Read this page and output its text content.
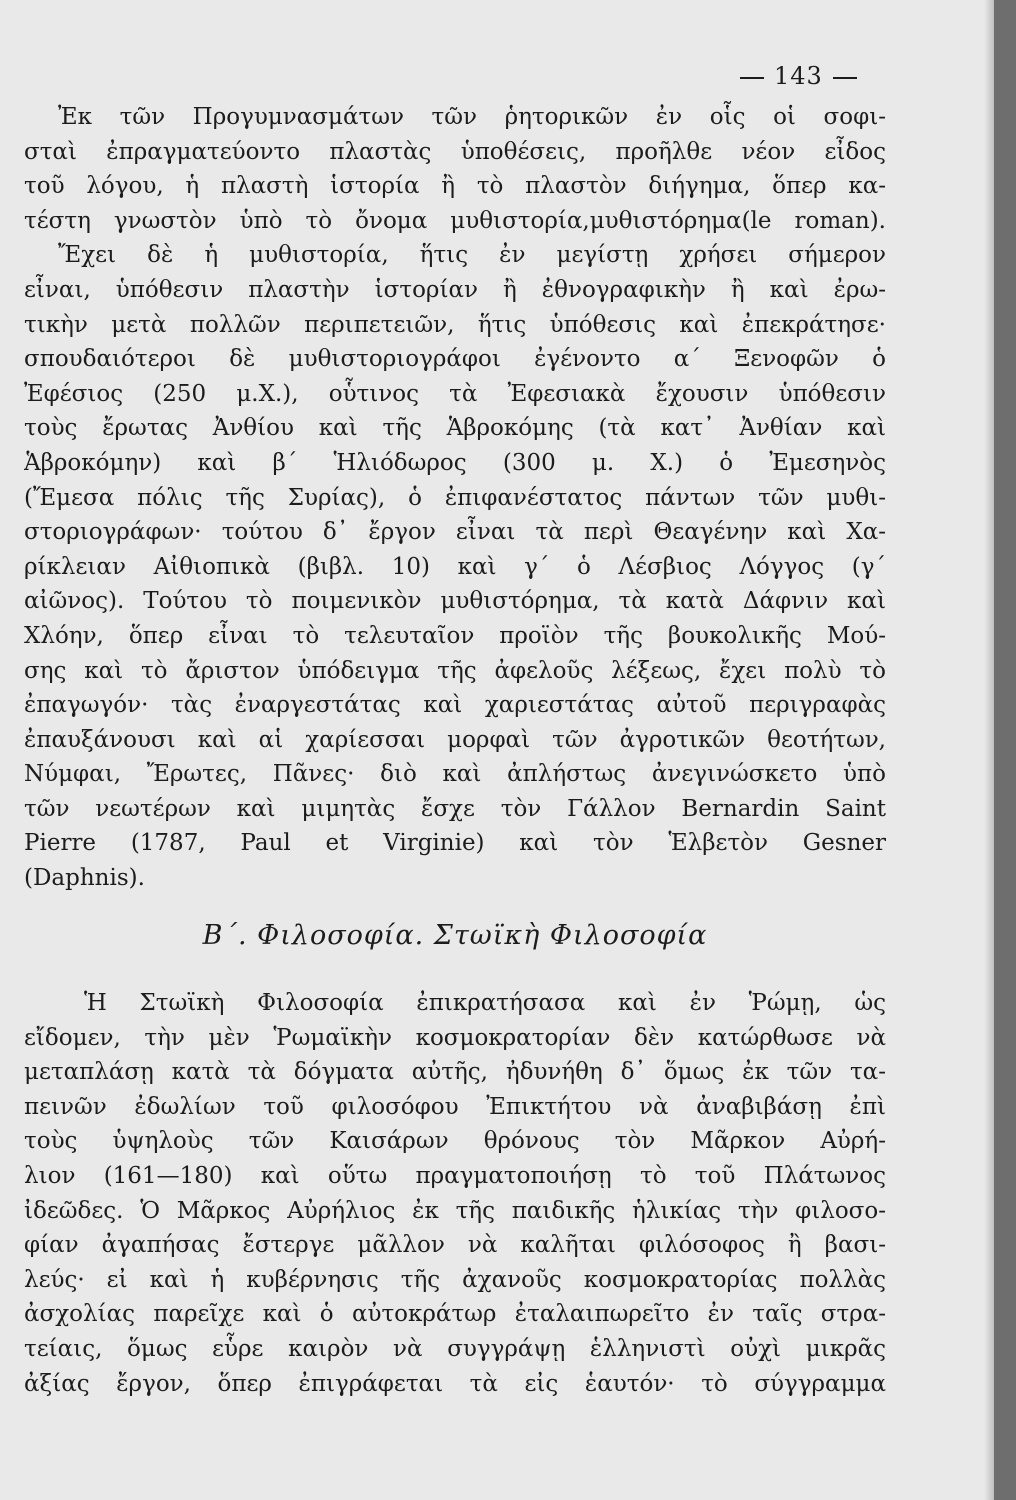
143
Ἐκ τῶν Προγυμνασμάτων τῶν ῥητορικῶν ἐν οἷς οἱ σοφι-
σταὶ ἐπραγματεύοντο πλαστὰς ὑποθέσεις, προῆλθε νέον εἶδος
τοῦ λόγου, ἡ πλαστὴ ἱστορία ἢ τὸ πλαστὸν διήγημα, ὅπερ κα-
τέστη γνωστὸν ὑπὸ τὸ ὄνομα μυθιστορία,μυθιστόρημα(le roman).
Ἔχει δὲ ἡ μυθιστορία, ἥτις ἐν μεγίστῃ χρήσει σήμερον
εἶναι, ὑπόθεσιν πλαστὴν ἱστορίαν ἢ ἐθνογραφικὴν ἢ καὶ ἐρω-
τικὴν μετὰ πολλῶν περιπετειῶν, ἥτις ὑπόθεσις καὶ ἐπεκράτησε·
σπουδαιότεροι δὲ μυθιστοριογράφοι ἐγένοντο α΄ Ξενοφῶν ὁ
Ἐφέσιος (250 μ.Χ.), οὗτινος τὰ Ἐφεσιακὰ ἔχουσιν ὑπόθεσιν
τοὺς ἔρωτας Ἀνθίου καὶ τῆς Ἁβροκόμης (τὰ κατ᾽ Ἀνθίαν καὶ
Ἁβροκόμην) καὶ β΄ Ἡλιόδωρος (300 μ. Χ.) ὁ Ἐμεσηνὸς
(Ἔμεσα πόλις τῆς Συρίας), ὁ ἐπιφανέστατος πάντων τῶν μυθι-
στοριογράφων· τούτου δ᾽ ἔργον εἶναι τὰ περὶ Θεαγένην καὶ Χα-
ρίκλειαν Αἰθιοπικὰ (βιβλ. 10) καὶ γ΄ ὁ Λέσβιος Λόγγος (γ΄
αἰῶνος). Τούτου τὸ ποιμενικὸν μυθιστόρημα, τὰ κατὰ Δάφνιν καὶ
Χλόην, ὅπερ εἶναι τὸ τελευταῖον προϊὸν τῆς βουκολικῆς Μού-
σης καὶ τὸ ἄριστον ὑπόδειγμα τῆς ἀφελοῦς λέξεως, ἔχει πολὺ τὸ
ἐπαγωγόν· τὰς ἐναργεστάτας καὶ χαριεστάτας αὐτοῦ περιγραφὰς
ἐπαυξάνουσι καὶ αἱ χαρίεσσαι μορφαὶ τῶν ἀγροτικῶν θεοτήτων,
Νύμφαι, Ἔρωτες, Πᾶνες· διὸ καὶ ἀπλήστως ἀνεγινώσκετο ὑπὸ
τῶν νεωτέρων καὶ μιμητὰς ἔσχε τὸν Γάλλον Bernardin Saint
Pierre (1787, Paul et Virginie) καὶ τὸν Ἑλβετὸν Gesner
(Daphnis).
Β΄. Φιλοσοφία. Στωϊκὴ Φιλοσοφία
Ἡ Στωϊκὴ Φιλοσοφία ἐπικρατήσασα καὶ ἐν Ῥώμῃ, ὡς
εἴδομεν, τὴν μὲν Ῥωμαϊκὴν κοσμοκρατορίαν δὲν κατώρθωσε νὰ
μεταπλάσῃ κατὰ τὰ δόγματα αὐτῆς, ἠδυνήθη δ᾽ ὅμως ἐκ τῶν τα-
πεινῶν ἐδωλίων τοῦ φιλοσόφου Ἐπικτήτου νὰ ἀναβιβάσῃ ἐπὶ
τοὺς ὑψηλοὺς τῶν Καισάρων θρόνους τὸν Μᾶρκον Αὐρή-
λιον (161—180) καὶ οὕτω πραγματοποιήσῃ τὸ τοῦ Πλάτωνος
ἰδεῶδες. Ὁ Μᾶρκος Αὐρήλιος ἐκ τῆς παιδικῆς ἡλικίας τὴν φιλοσο-
φίαν ἀγαπήσας ἔστεργε μᾶλλον νὰ καλῆται φιλόσοφος ἢ βασι-
λεύς· εἰ καὶ ἡ κυβέρνησις τῆς ἀχανοῦς κοσμοκρατορίας πολλὰς
ἀσχολίας παρεῖχε καὶ ὁ αὐτοκράτωρ ἐταλαιπωρεῖτο ἐν ταῖς στρα-
τείαις, ὅμως εὗρε καιρὸν νὰ συγγράψῃ ἑλληνιστὶ οὐχὶ μικρᾶς
ἀξίας ἔργον, ὅπερ ἐπιγράφεται τὰ εἰς ἑαυτόν· τὸ σύγγραμμα
